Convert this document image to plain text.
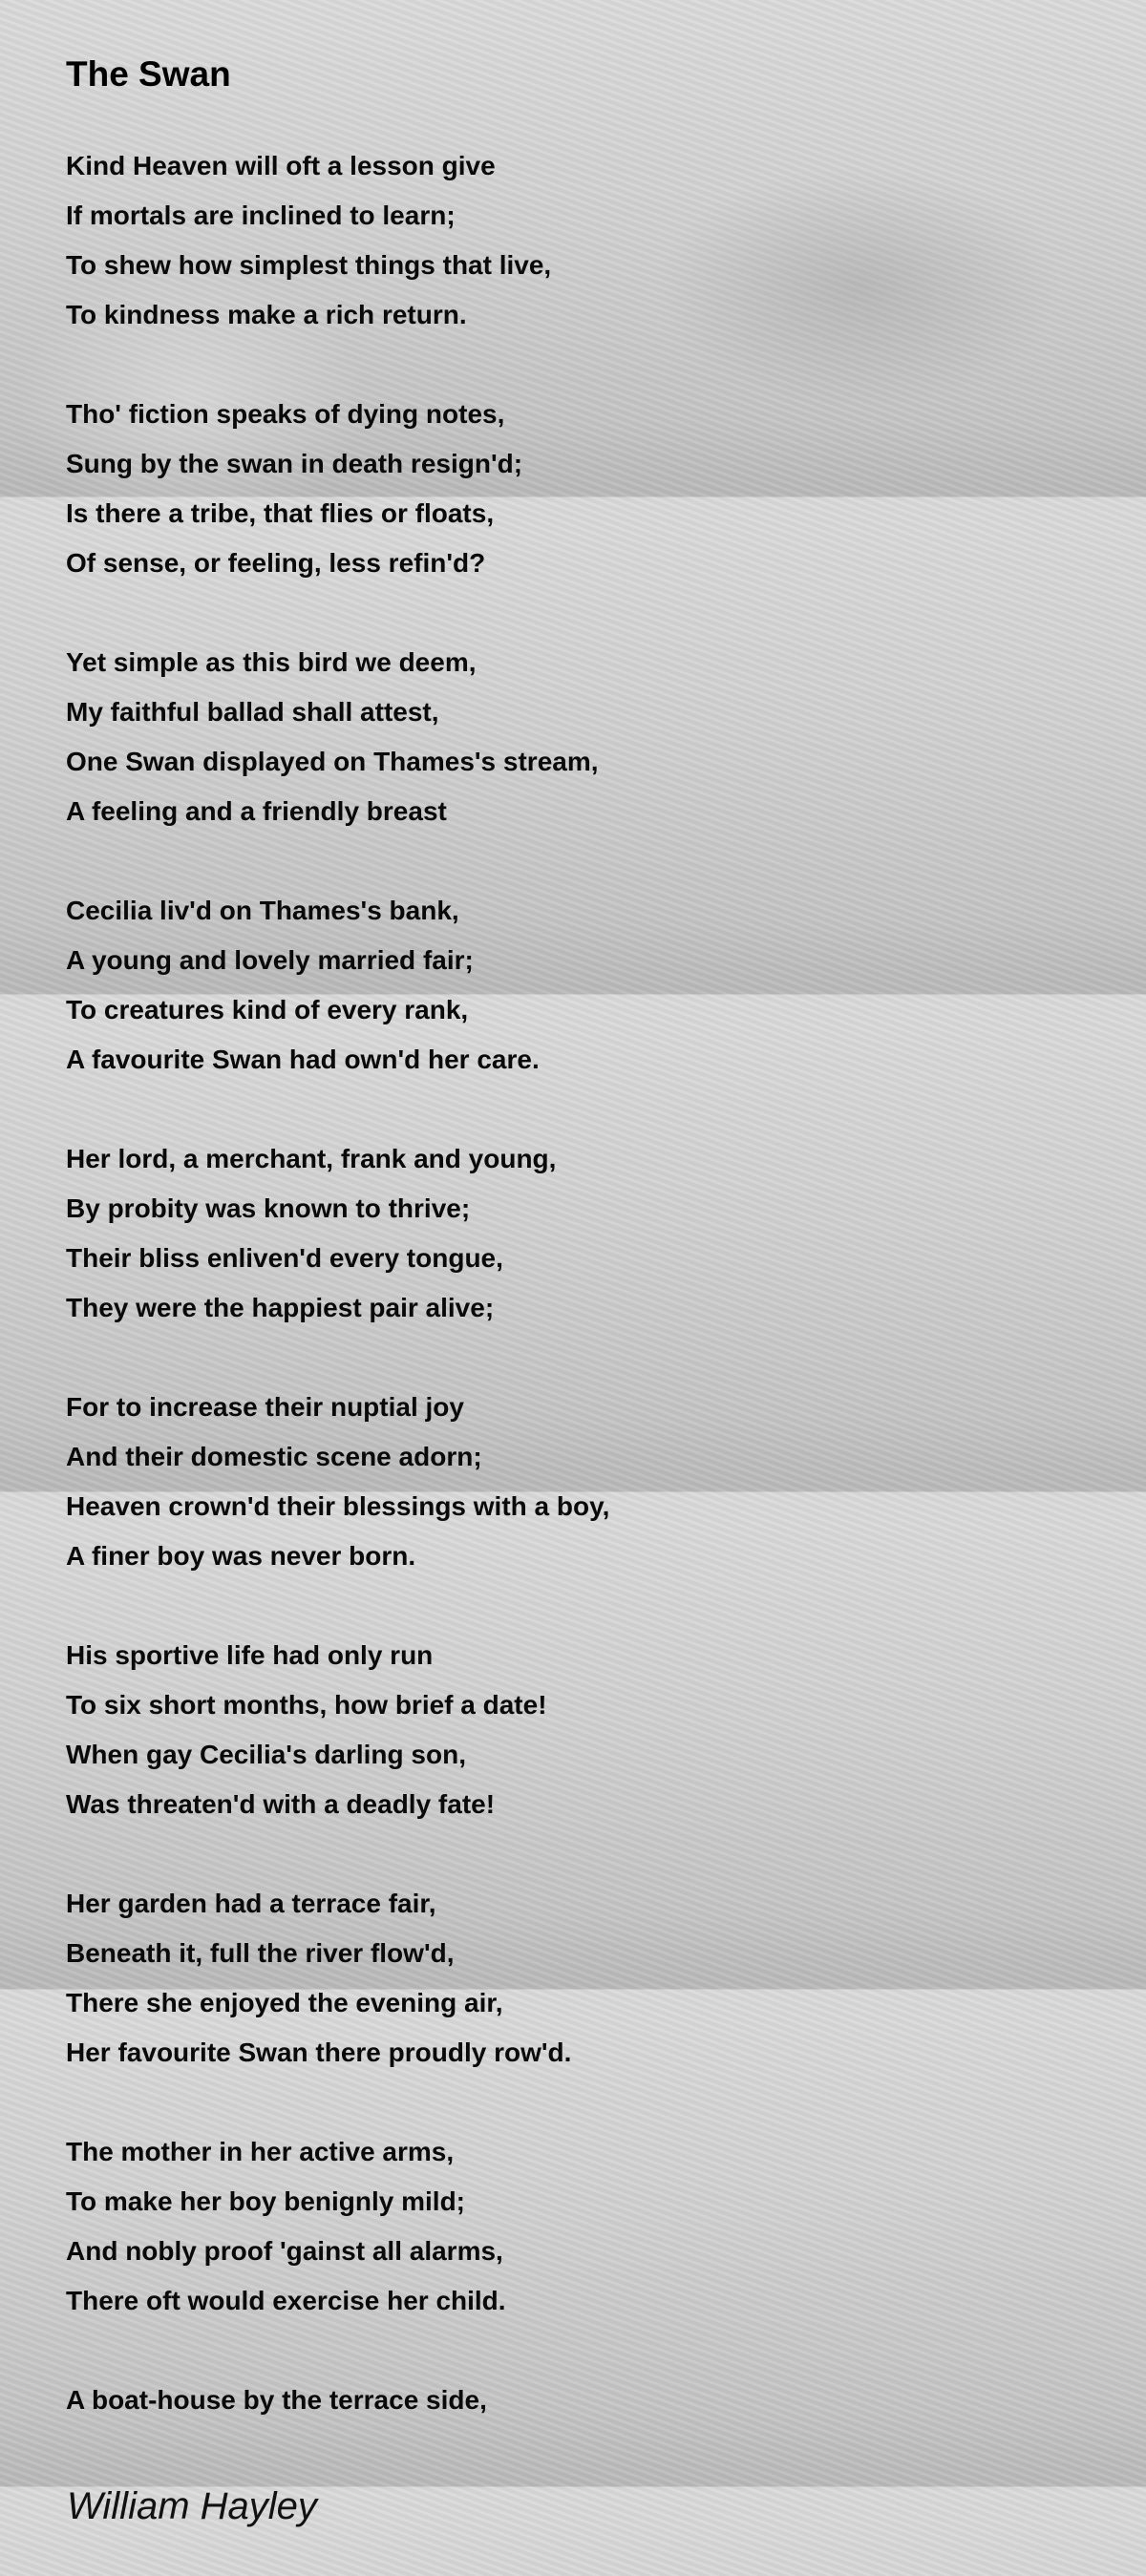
The Swan
Kind Heaven will oft a lesson give
If mortals are inclined to learn;
To shew how simplest things that live,
To kindness make a rich return.
Tho' fiction speaks of dying notes,
Sung by the swan in death resign'd;
Is there a tribe, that flies or floats,
Of sense, or feeling, less refin'd?
Yet simple as this bird we deem,
My faithful ballad shall attest,
One Swan displayed on Thames's stream,
A feeling and a friendly breast
Cecilia liv'd on Thames's bank,
A young and lovely married fair;
To creatures kind of every rank,
A favourite Swan had own'd her care.
Her lord, a merchant, frank and young,
By probity was known to thrive;
Their bliss enliven'd every tongue,
They were the happiest pair alive;
For to increase their nuptial joy
And their domestic scene adorn;
Heaven crown'd their blessings with a boy,
A finer boy was never born.
His sportive life had only run
To six short months, how brief a date!
When gay Cecilia's darling son,
Was threaten'd with a deadly fate!
Her garden had a terrace fair,
Beneath it, full the river flow'd,
There she enjoyed the evening air,
Her favourite Swan there proudly row'd.
The mother in her active arms,
To make her boy benignly mild;
And nobly proof 'gainst all alarms,
There oft would exercise her child.
A boat-house by the terrace side,
William Hayley
